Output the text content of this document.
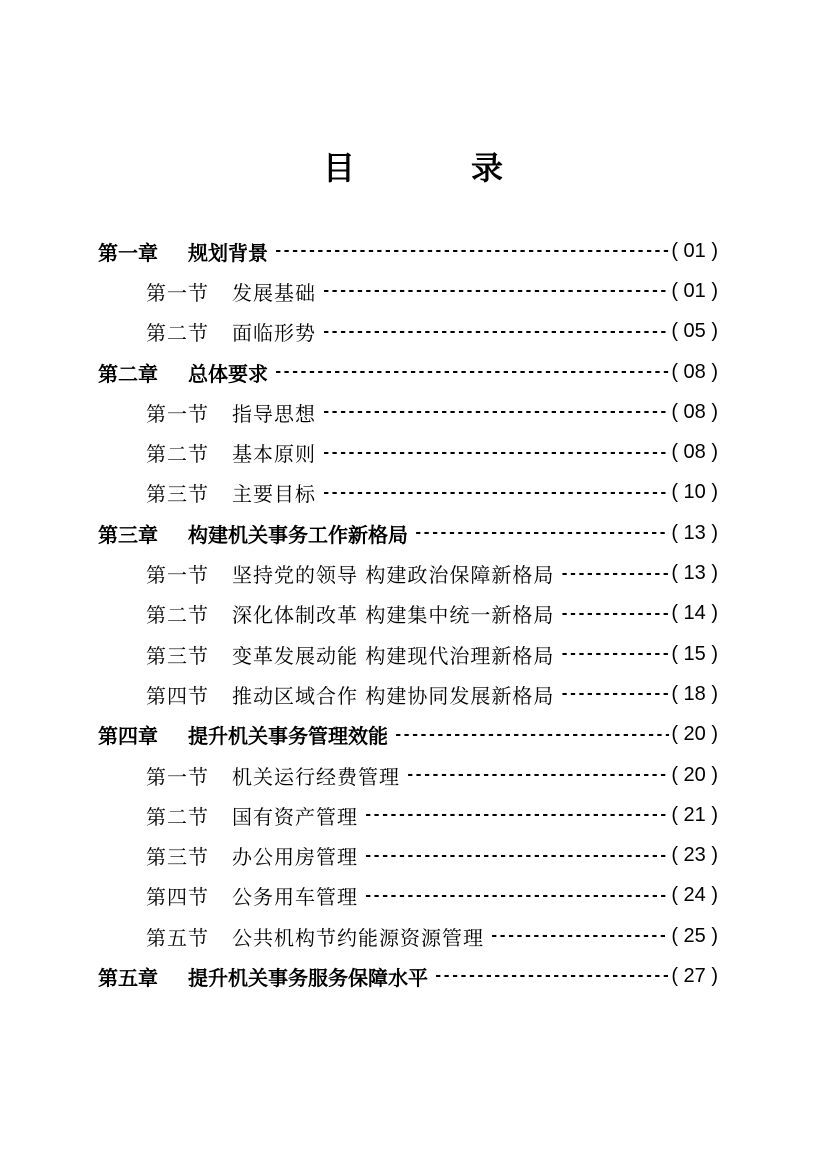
目　录
第一章	规划背景 -----	( 01 )
第一节	发展基础 -----	( 01 )
第二节	面临形势 -----	( 05 )
第二章	总体要求 -----	( 08 )
第一节	指导思想 -----	( 08 )
第二节	基本原则 -----	( 08 )
第三节	主要目标 -----	( 10 )
第三章	构建机关事务工作新格局 -----	( 13 )
第一节	坚持党的领导 构建政治保障新格局 -----	( 13 )
第二节	深化体制改革 构建集中统一新格局 -----	( 14 )
第三节	变革发展动能 构建现代治理新格局 -----	( 15 )
第四节	推动区域合作 构建协同发展新格局 -----	( 18 )
第四章	提升机关事务管理效能 -----	( 20 )
第一节	机关运行经费管理 -----	( 20 )
第二节	国有资产管理 -----	( 21 )
第三节	办公用房管理 -----	( 23 )
第四节	公务用车管理 -----	( 24 )
第五节	公共机构节约能源资源管理 -----	( 25 )
第五章	提升机关事务服务保障水平 -----	( 27 )
